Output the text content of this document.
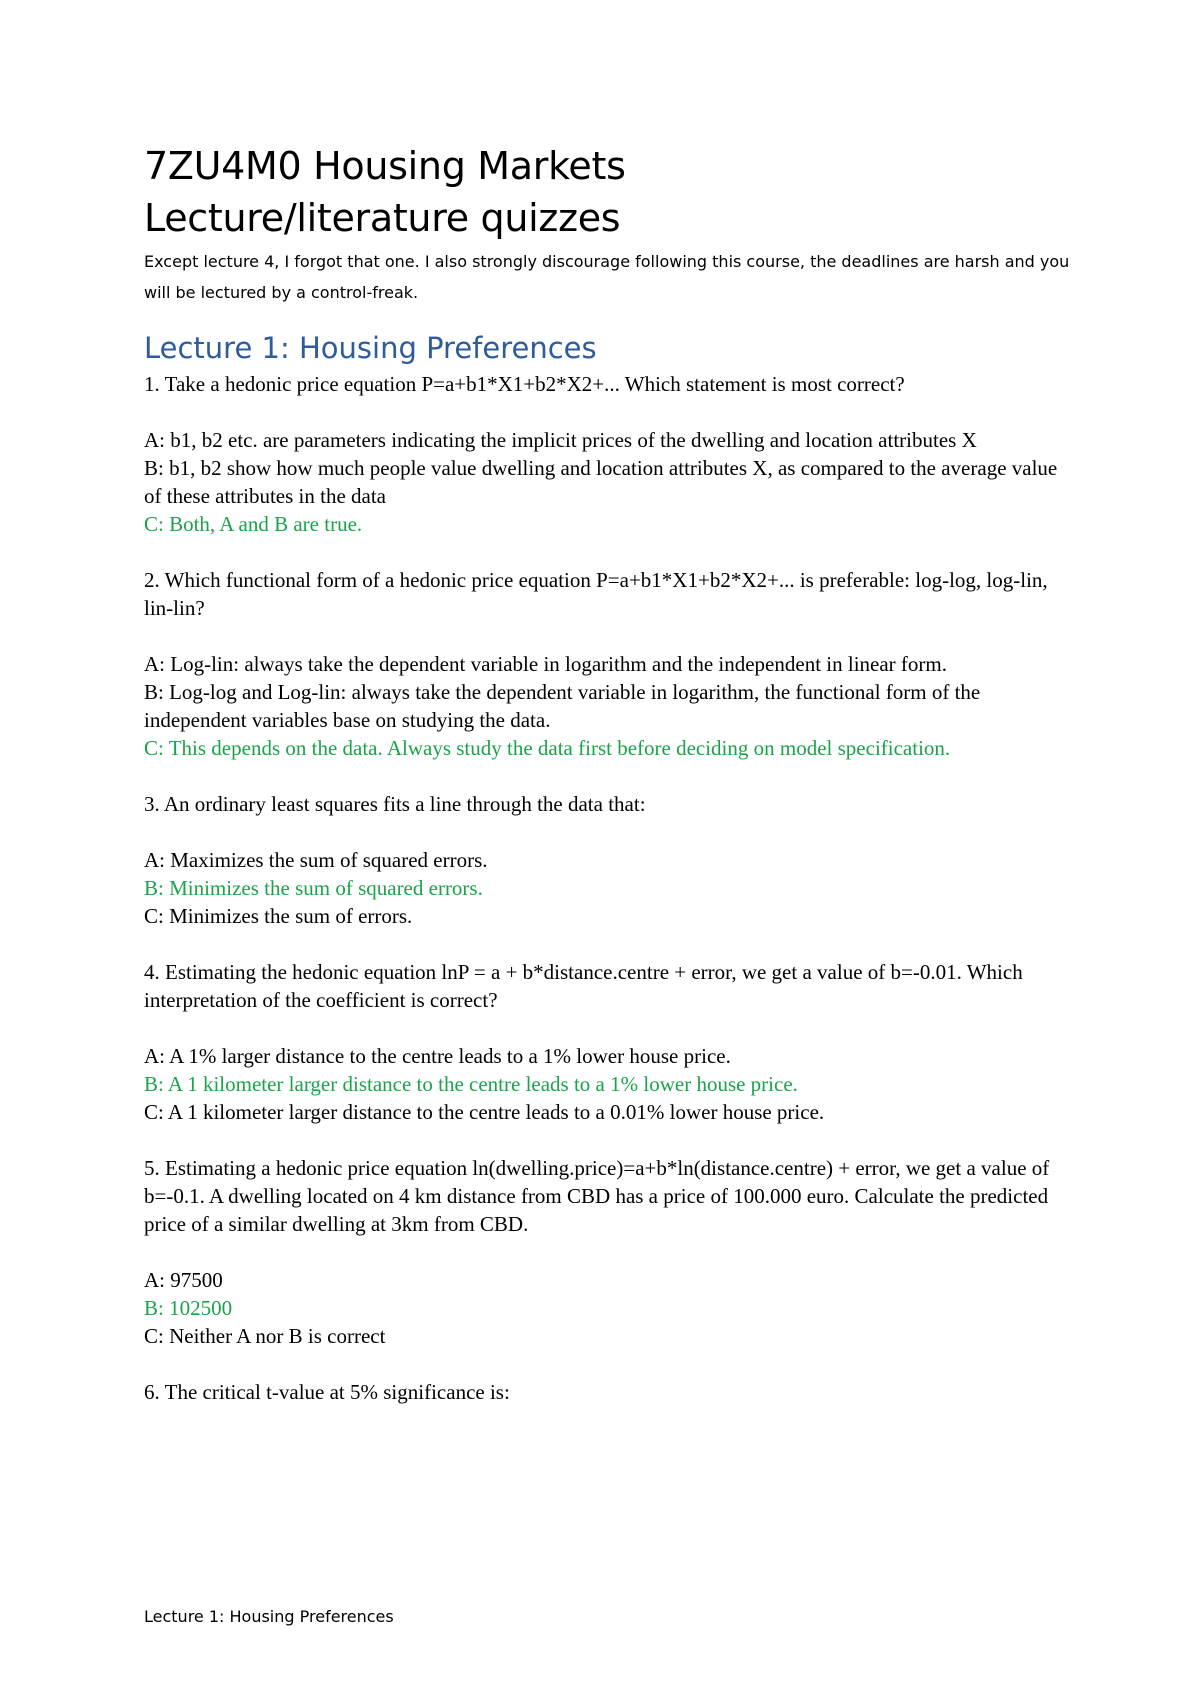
7ZU4M0 Housing Markets
Lecture/literature quizzes

Except lecture 4, I forgot that one. I also strongly discourage following this course, the deadlines are harsh and you will be lectured by a control-freak.

Lecture 1: Housing Preferences

1. Take a hedonic price equation P=a+b1*X1+b2*X2+... Which statement is most correct?

A: b1, b2 etc. are parameters indicating the implicit prices of the dwelling and location attributes X

B: b1, b2 show how much people value dwelling and location attributes X, as compared to the average value of these attributes in the data

C: Both, A and B are true.

2. Which functional form of a hedonic price equation P=a+b1*X1+b2*X2+... is preferable: log-log, log-lin, lin-lin?

A: Log-lin: always take the dependent variable in logarithm and the independent in linear form.

B: Log-log and Log-lin: always take the dependent variable in logarithm, the functional form of the independent variables base on studying the data.

C: This depends on the data. Always study the data first before deciding on model specification.

3. An ordinary least squares fits a line through the data that:

A: Maximizes the sum of squared errors.

B: Minimizes the sum of squared errors.

C: Minimizes the sum of errors.

4. Estimating the hedonic equation lnP = a + b*distance.centre + error, we get a value of b=-0.01. Which interpretation of the coefficient is correct?

A: A 1% larger distance to the centre leads to a 1% lower house price.

B: A 1 kilometer larger distance to the centre leads to a 1% lower house price.

C: A 1 kilometer larger distance to the centre leads to a 0.01% lower house price.

5. Estimating a hedonic price equation ln(dwelling.price)=a+b*ln(distance.centre) + error, we get a value of b=-0.1. A dwelling located on 4 km distance from CBD has a price of 100.000 euro. Calculate the predicted price of a similar dwelling at 3km from CBD.

A: 97500

B: 102500

C: Neither A nor B is correct

6. The critical t-value at 5% significance is:

Lecture 1: Housing Preferences
